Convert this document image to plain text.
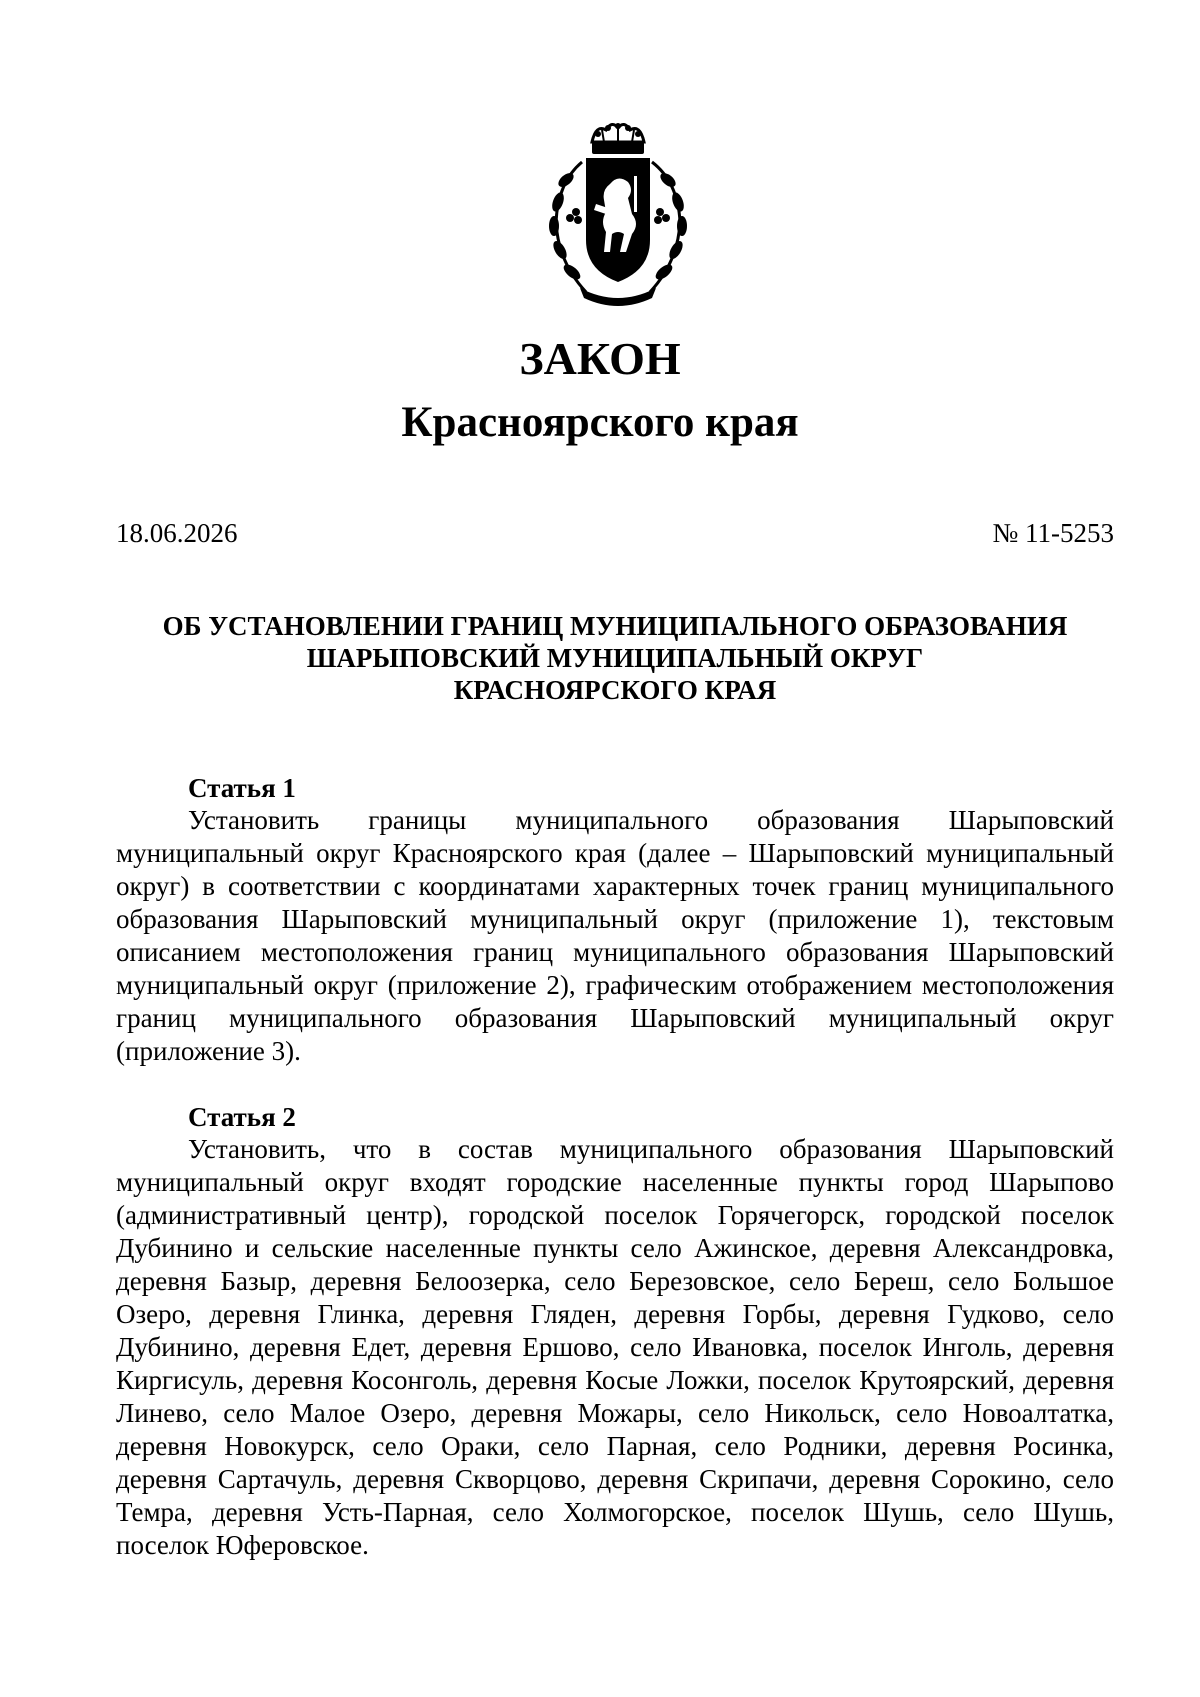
ЗАКОН
Красноярского края
18.06.2026	№ 11-5253
ОБ УСТАНОВЛЕНИИ ГРАНИЦ МУНИЦИПАЛЬНОГО ОБРАЗОВАНИЯ
ШАРЫПОВСКИЙ МУНИЦИПАЛЬНЫЙ ОКРУГ
КРАСНОЯРСКОГО КРАЯ

Статья 1

Установить границы муниципального образования Шарыповский муниципальный округ Красноярского края (далее – Шарыповский муниципальный округ) в соответствии с координатами характерных точек границ муниципального образования Шарыповский муниципальный округ (приложение 1), текстовым описанием местоположения границ муниципального образования Шарыповский муниципальный округ (приложение 2), графическим отображением местоположения границ муниципального образования Шарыповский муниципальный округ (приложение 3).

Статья 2

Установить, что в состав муниципального образования Шарыповский муниципальный округ входят городские населенные пункты город Шарыпово (административный центр), городской поселок Горячегорск, городской поселок Дубинино и сельские населенные пункты село Ажинское, деревня Александровка, деревня Базыр, деревня Белоозерка, село Березовское, село Береш, село Большое Озеро, деревня Глинка, деревня Гляден, деревня Горбы, деревня Гудково, село Дубинино, деревня Едет, деревня Ершово, село Ивановка, поселок Инголь, деревня Киргисуль, деревня Косонголь, деревня Косые Ложки, поселок Крутоярский, деревня Линево, село Малое Озеро, деревня Можары, село Никольск, село Новоалтатка, деревня Новокурск, село Ораки, село Парная, село Родники, деревня Росинка, деревня Сартачуль, деревня Скворцово, деревня Скрипачи, деревня Сорокино, село Темра, деревня Усть-Парная, село Холмогорское, поселок Шушь, село Шушь, поселок Юферовское.
